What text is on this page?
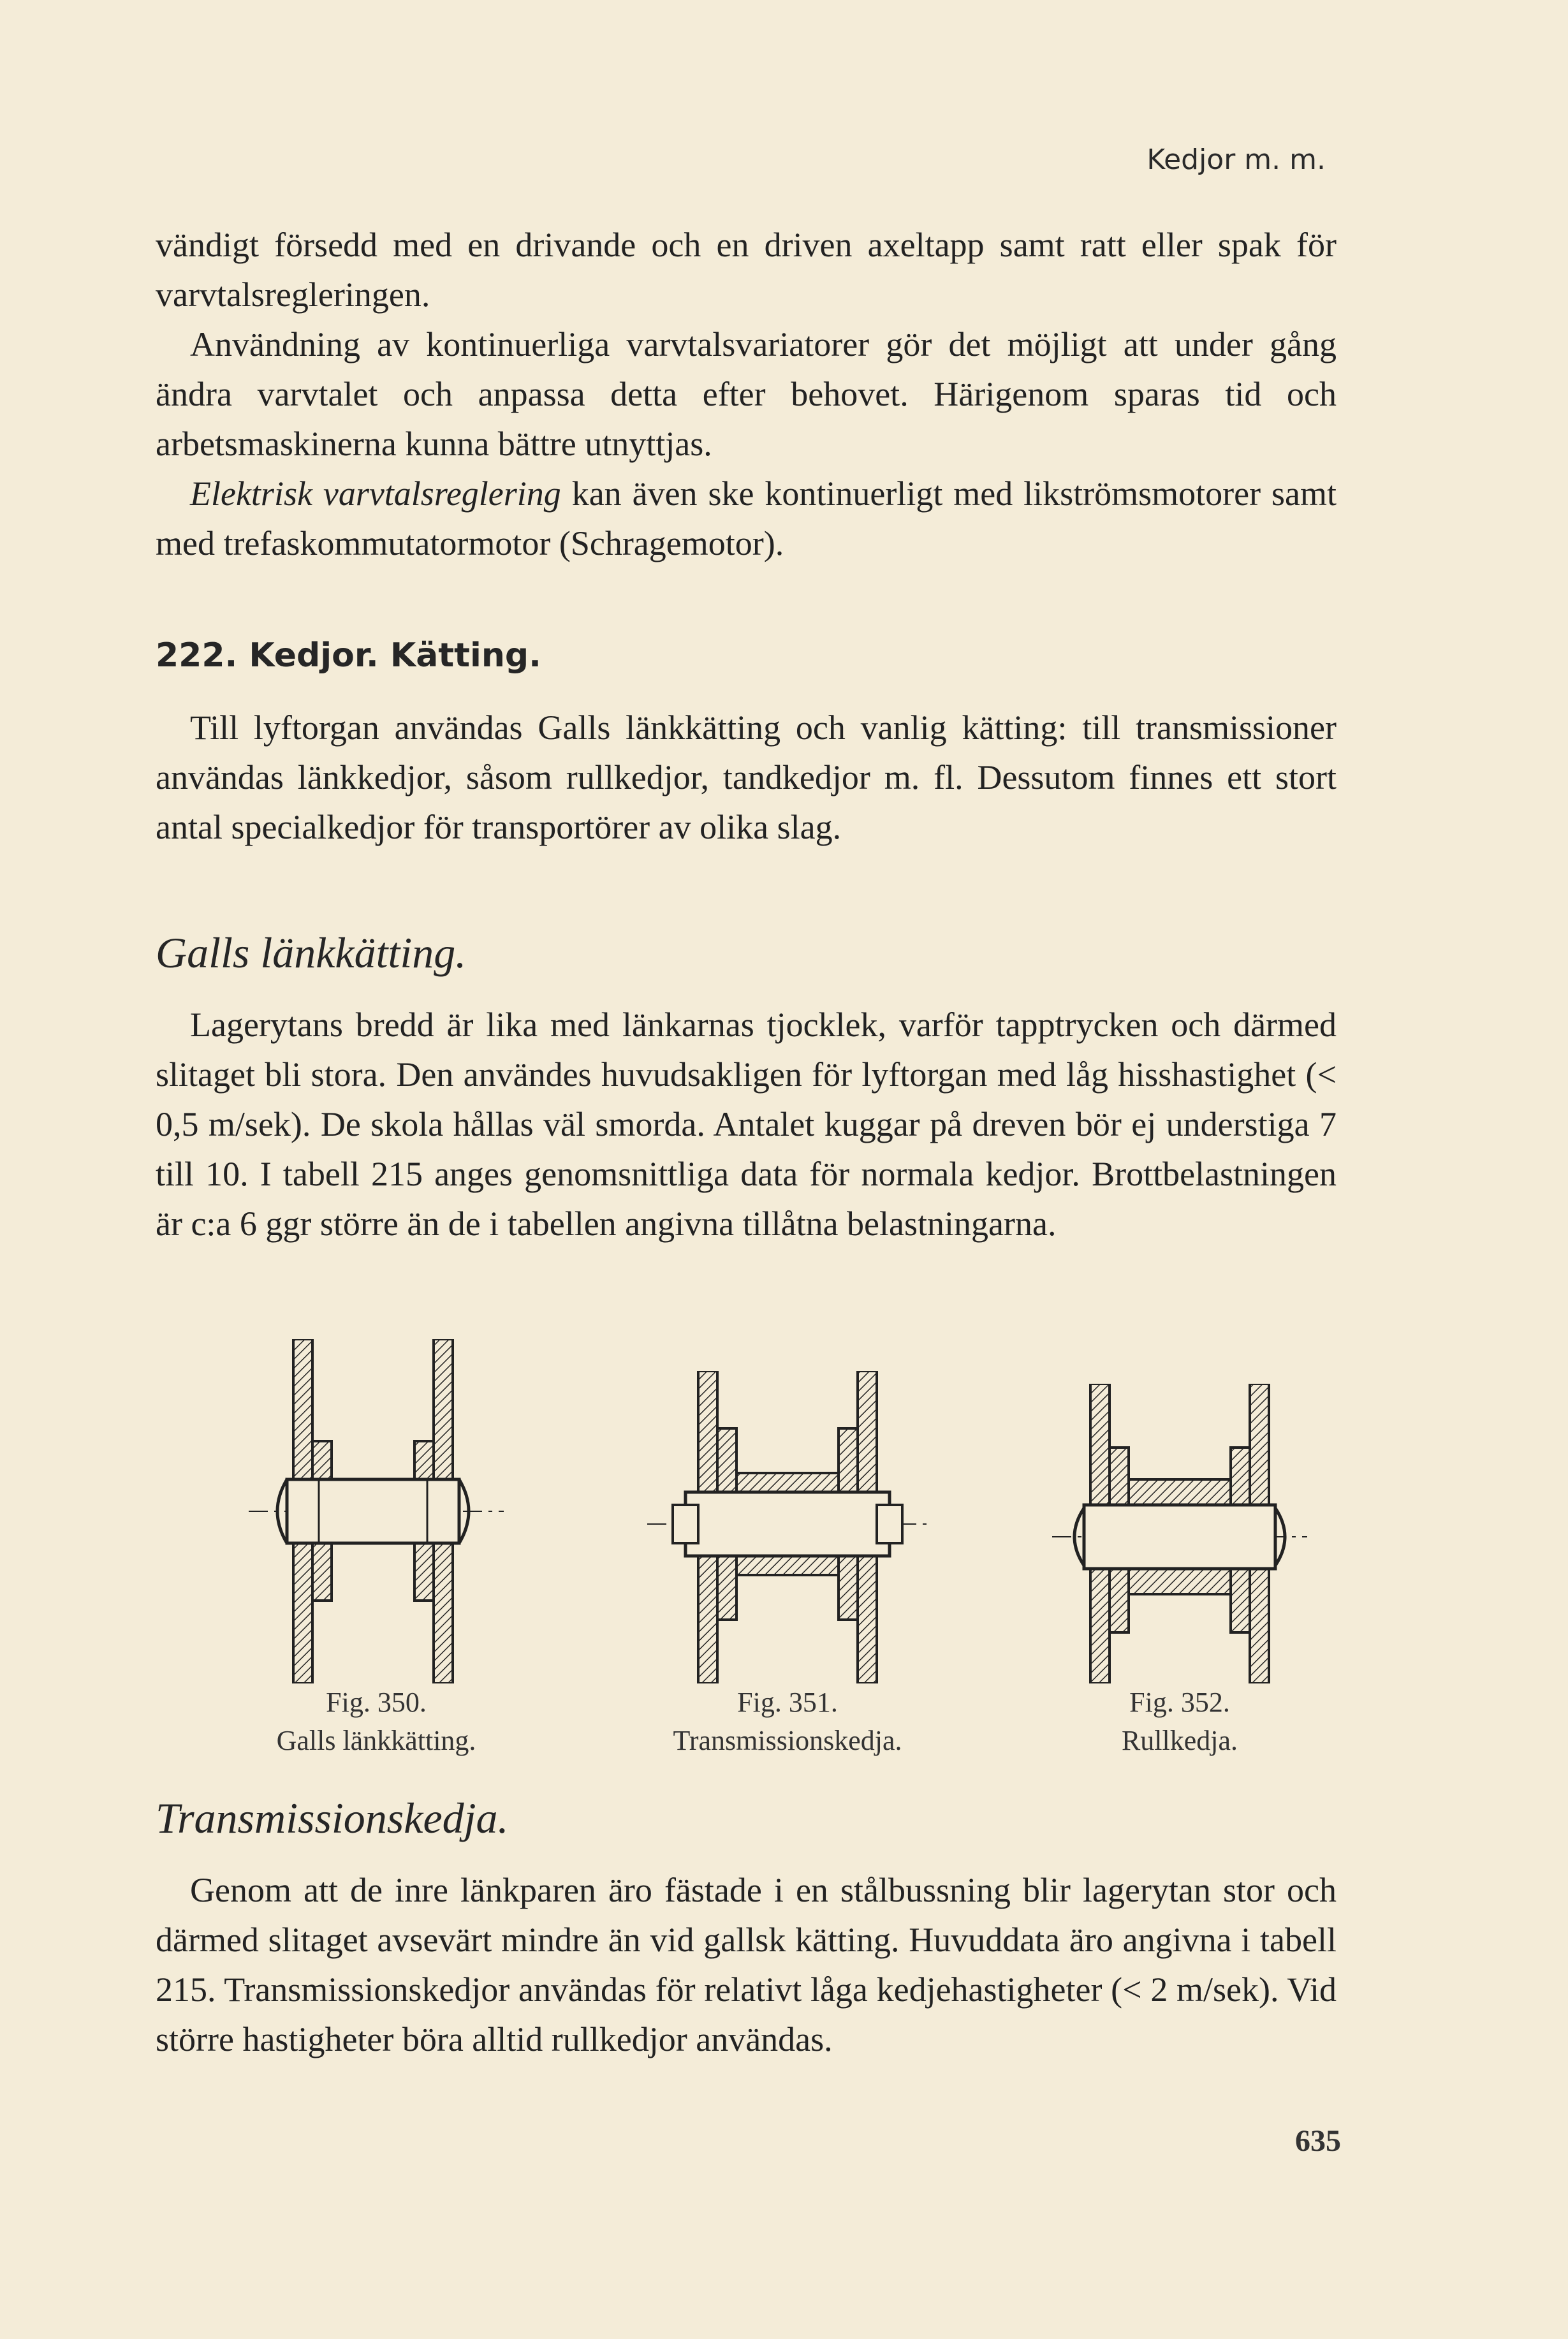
Kedjor m. m.

vändigt försedd med en drivande och en driven axeltapp samt ratt eller spak för varvtalsregleringen.

Användning av kontinuerliga varvtalsvariatorer gör det möjligt att under gång ändra varvtalet och anpassa detta efter behovet. Härigenom sparas tid och arbetsmaskinerna kunna bättre utnyttjas.

Elektrisk varvtalsreglering kan även ske kontinuerligt med likströmsmotorer samt med trefaskommutatormotor (Schragemotor).

222. Kedjor. Kätting.

Till lyftorgan användas Galls länkkätting och vanlig kätting: till transmissioner användas länkkedjor, såsom rullkedjor, tandkedjor m. fl. Dessutom finnes ett stort antal specialkedjor för transportörer av olika slag.

Galls länkkätting.

Lagerytans bredd är lika med länkarnas tjocklek, varför tapptrycken och därmed slitaget bli stora. Den användes huvudsakligen för lyftorgan med låg hisshastighet (< 0,5 m/sek). De skola hållas väl smorda. Antalet kuggar på dreven bör ej understiga 7 till 10. I tabell 215 anges genomsnittliga data för normala kedjor. Brottbelastningen är c:a 6 ggr större än de i tabellen angivna tillåtna belastningarna.

Fig. 350.
Galls länkkätting.
Fig. 351.
Transmissionskedja.
Fig. 352.
Rullkedja.
Transmissionskedja.

Genom att de inre länkparen äro fästade i en stålbussning blir lagerytan stor och därmed slitaget avsevärt mindre än vid gallsk kätting. Huvuddata äro angivna i tabell 215. Transmissionskedjor användas för relativt låga kedjehastigheter (< 2 m/sek). Vid större hastigheter böra alltid rullkedjor användas.

635
